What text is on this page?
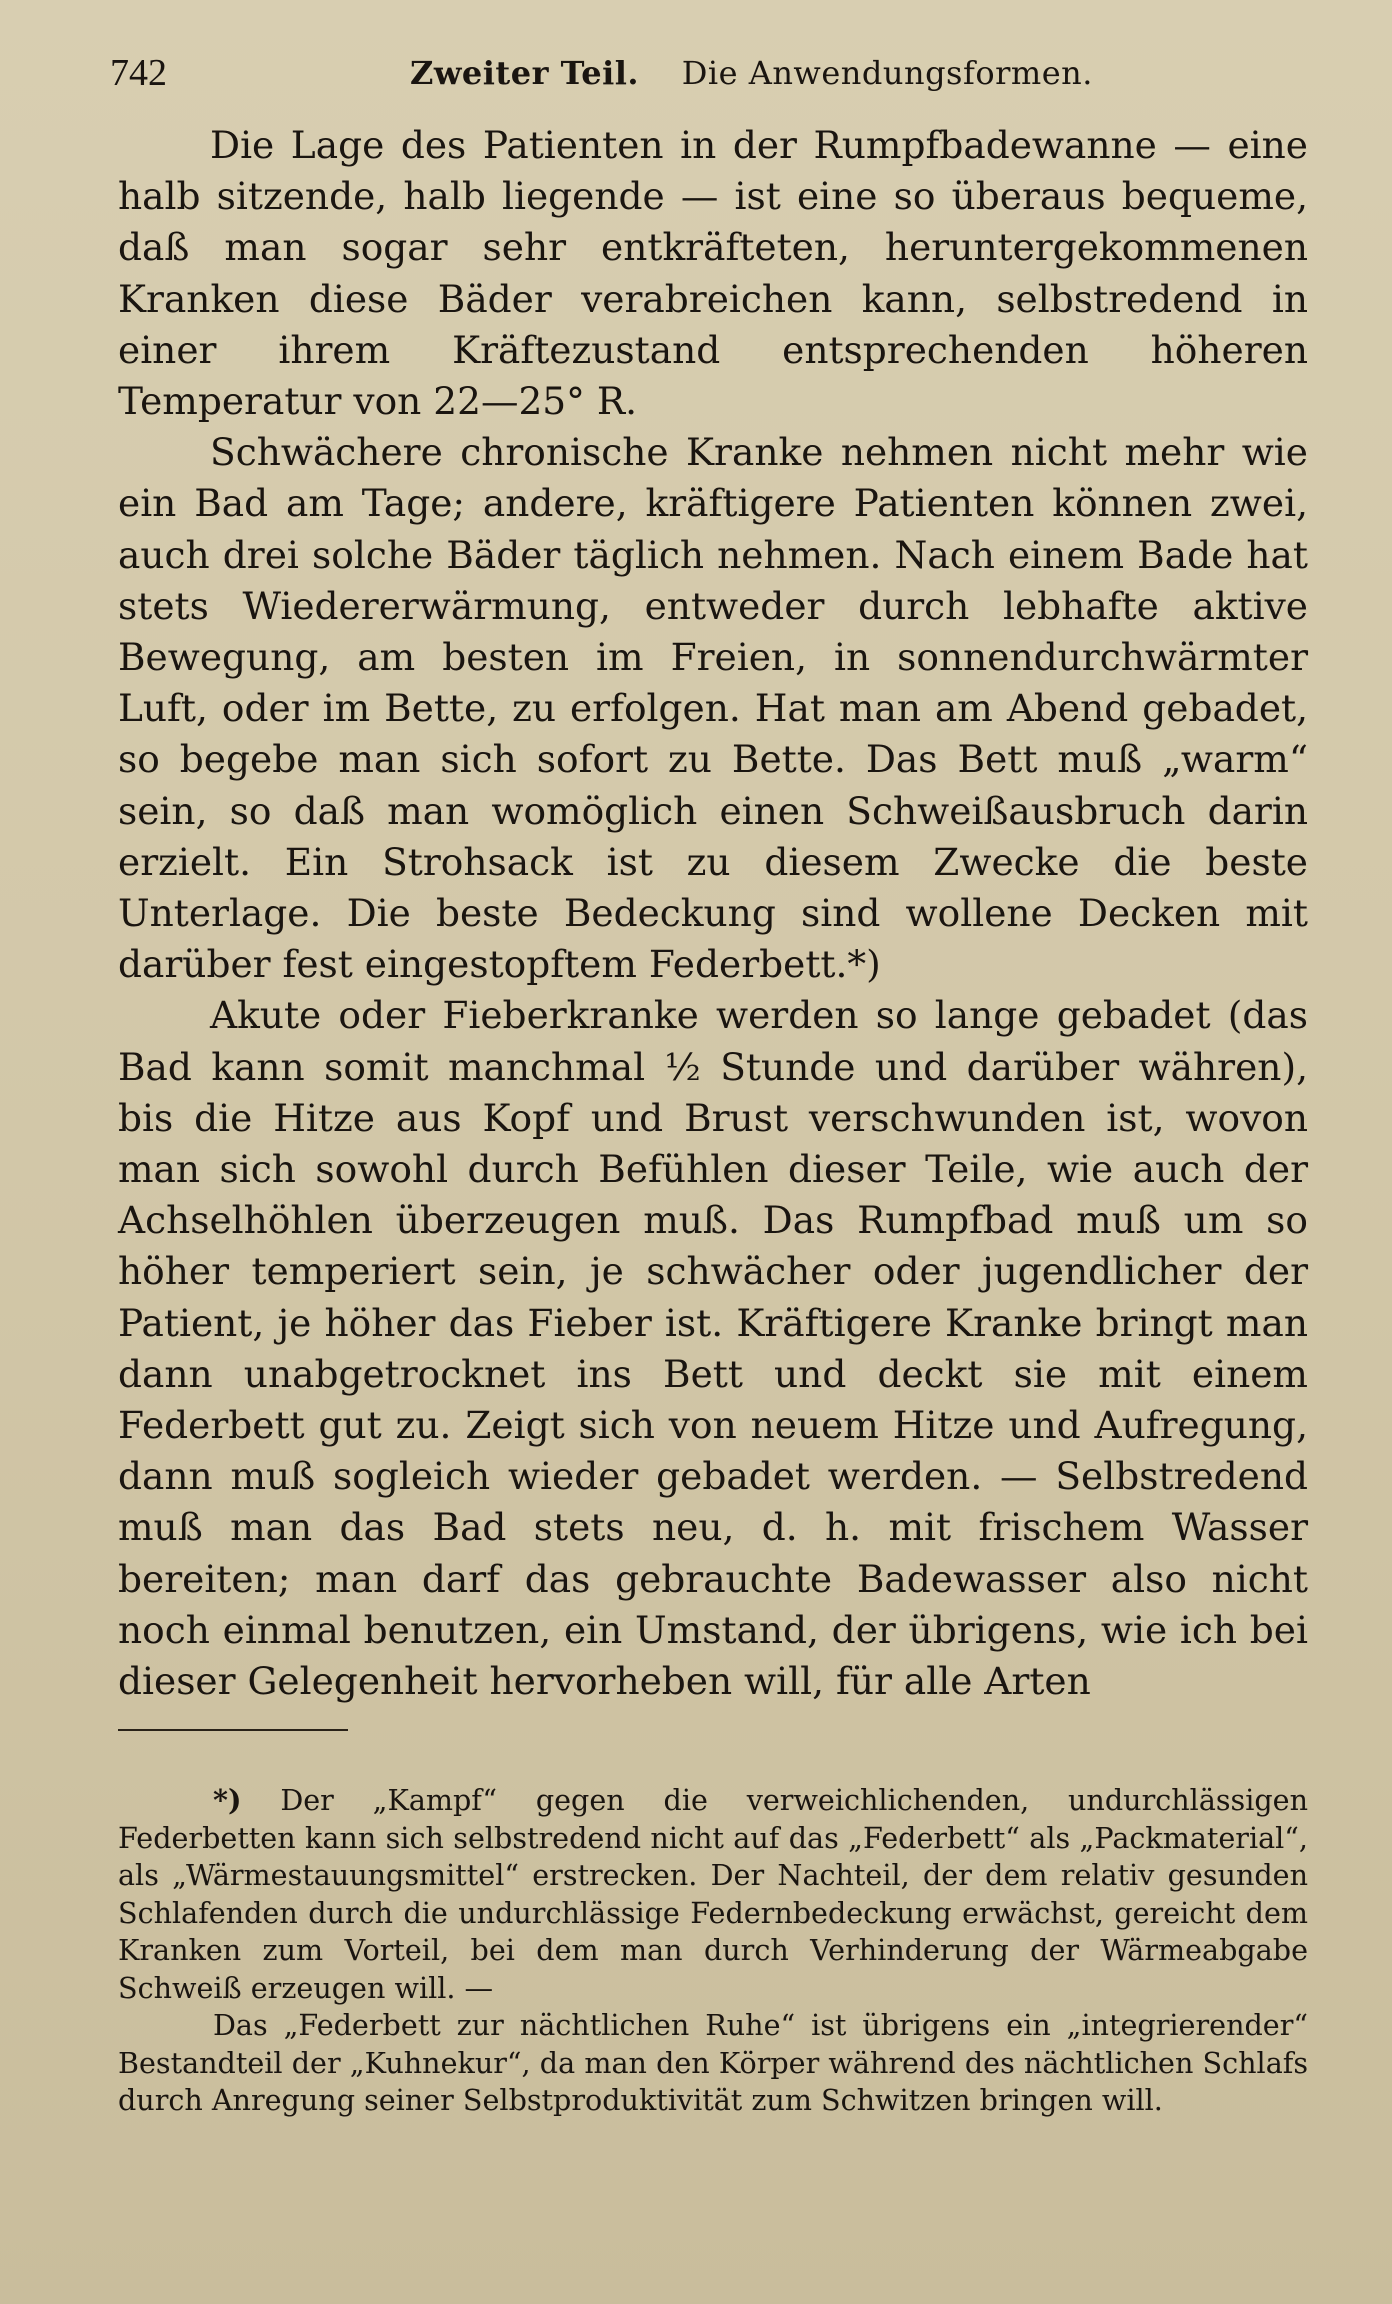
742	Zweiter Teil. Die Anwendungsformen.

Die Lage des Patienten in der Rumpfbadewanne — eine halb sitzende, halb liegende — ist eine so überaus bequeme, daß man sogar sehr entkräfteten, heruntergekommenen Kranken diese Bäder verabreichen kann, selbstredend in einer ihrem Kräftezustand entsprechenden höheren Temperatur von 22—25° R.

Schwächere chronische Kranke nehmen nicht mehr wie ein Bad am Tage; andere, kräftigere Patienten können zwei, auch drei solche Bäder täglich nehmen. Nach einem Bade hat stets Wiedererwärmung, entweder durch lebhafte aktive Bewegung, am besten im Freien, in sonnendurchwärmter Luft, oder im Bette, zu erfolgen. Hat man am Abend gebadet, so begebe man sich sofort zu Bette. Das Bett muß „warm“ sein, so daß man womöglich einen Schweißausbruch darin erzielt. Ein Strohsack ist zu diesem Zwecke die beste Unterlage. Die beste Bedeckung sind wollene Decken mit darüber fest eingestopftem Federbett.*)

Akute oder Fieberkranke werden so lange gebadet (das Bad kann somit manchmal ½ Stunde und darüber währen), bis die Hitze aus Kopf und Brust verschwunden ist, wovon man sich sowohl durch Befühlen dieser Teile, wie auch der Achselhöhlen überzeugen muß. Das Rumpfbad muß um so höher temperiert sein, je schwächer oder jugendlicher der Patient, je höher das Fieber ist. Kräftigere Kranke bringt man dann unabgetrocknet ins Bett und deckt sie mit einem Federbett gut zu. Zeigt sich von neuem Hitze und Aufregung, dann muß sogleich wieder gebadet werden. — Selbstredend muß man das Bad stets neu, d. h. mit frischem Wasser bereiten; man darf das gebrauchte Badewasser also nicht noch einmal benutzen, ein Umstand, der übrigens, wie ich bei dieser Gelegenheit hervorheben will, für alle Arten

*) Der „Kampf“ gegen die verweichlichenden, undurchlässigen Federbetten kann sich selbstredend nicht auf das „Federbett“ als „Packmaterial“, als „Wärmestauungsmittel“ erstrecken. Der Nachteil, der dem relativ gesunden Schlafenden durch die undurchlässige Federnbedeckung erwächst, gereicht dem Kranken zum Vorteil, bei dem man durch Verhinderung der Wärmeabgabe Schweiß erzeugen will. —

Das „Federbett zur nächtlichen Ruhe“ ist übrigens ein „integrierender“ Bestandteil der „Kuhnekur“, da man den Körper während des nächtlichen Schlafs durch Anregung seiner Selbstproduktivität zum Schwitzen bringen will.
